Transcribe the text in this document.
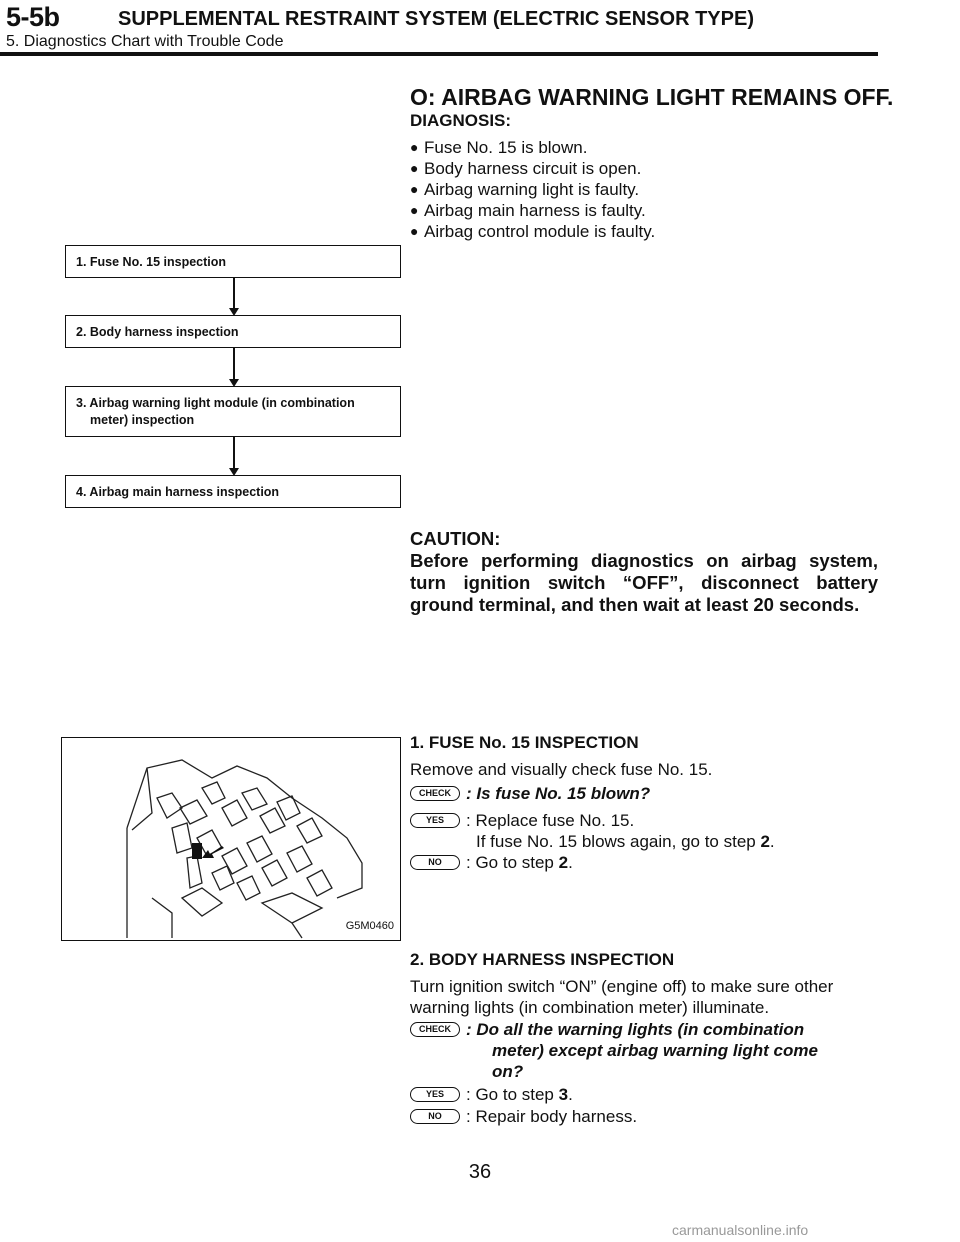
5-5b	SUPPLEMENTAL RESTRAINT SYSTEM (ELECTRIC SENSOR TYPE)
5. Diagnostics Chart with Trouble Code
O: AIRBAG WARNING LIGHT REMAINS OFF.
DIAGNOSIS:
● Fuse No. 15 is blown.
● Body harness circuit is open.
● Airbag warning light is faulty.
● Airbag main harness is faulty.
● Airbag control module is faulty.
1. Fuse No. 15 inspection
2. Body harness inspection
3. Airbag warning light module (in combination
meter) inspection
4. Airbag main harness inspection
CAUTION:
Before performing diagnostics on airbag system, turn ignition switch “OFF”, disconnect battery ground terminal, and then wait at least 20 seconds.
G5M0460
1. FUSE No. 15 INSPECTION
Remove and visually check fuse No. 15.
CHECK : Is fuse No. 15 blown?
YES	: Replace fuse No. 15.
If fuse No. 15 blows again, go to step 2.
NO	: Go to step 2.
2. BODY HARNESS INSPECTION
Turn ignition switch “ON” (engine off) to make sure other warning lights (in combination meter) illuminate.
CHECK : Do all the warning lights (in combination
meter) except airbag warning light come
on?
YES	: Go to step 3.
NO	: Repair body harness.
36
carmanualsonline.info
